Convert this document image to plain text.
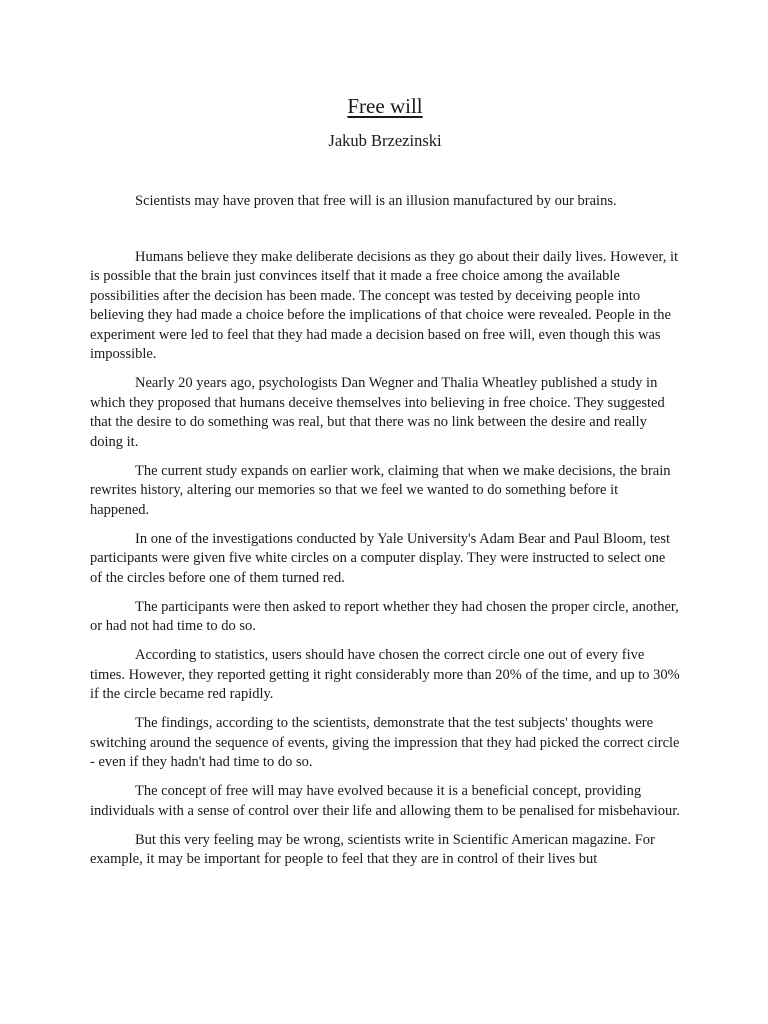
Free will

Jakub Brzezinski

Scientists may have proven that free will is an illusion manufactured by our brains.

Humans believe they make deliberate decisions as they go about their daily lives. However, it is possible that the brain just convinces itself that it made a free choice among the available possibilities after the decision has been made. The concept was tested by deceiving people into believing they had made a choice before the implications of that choice were revealed. People in the experiment were led to feel that they had made a decision based on free will, even though this was impossible.

Nearly 20 years ago, psychologists Dan Wegner and Thalia Wheatley published a study in which they proposed that humans deceive themselves into believing in free choice. They suggested that the desire to do something was real, but that there was no link between the desire and really doing it.

The current study expands on earlier work, claiming that when we make decisions, the brain rewrites history, altering our memories so that we feel we wanted to do something before it happened.

In one of the investigations conducted by Yale University's Adam Bear and Paul Bloom, test participants were given five white circles on a computer display. They were instructed to select one of the circles before one of them turned red.

The participants were then asked to report whether they had chosen the proper circle, another, or had not had time to do so.

According to statistics, users should have chosen the correct circle one out of every five times. However, they reported getting it right considerably more than 20% of the time, and up to 30% if the circle became red rapidly.

The findings, according to the scientists, demonstrate that the test subjects' thoughts were switching around the sequence of events, giving the impression that they had picked the correct circle - even if they hadn't had time to do so.

The concept of free will may have evolved because it is a beneficial concept, providing individuals with a sense of control over their life and allowing them to be penalised for misbehaviour.

But this very feeling may be wrong, scientists write in Scientific American magazine. For example, it may be important for people to feel that they are in control of their lives but
